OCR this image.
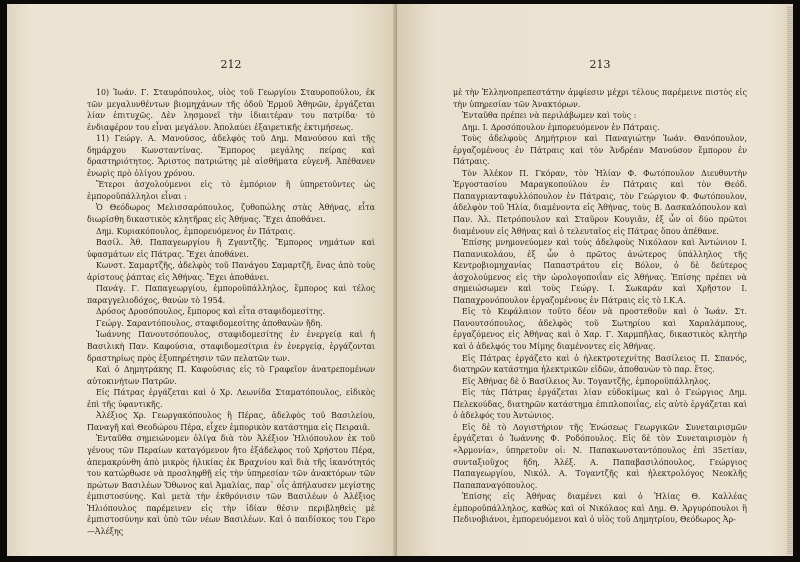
212

10) Ἰωάν. Γ. Σταυρόπουλος, υἱὸς τοῦ Γεωργίου Σταυροπούλου, ἐκ τῶν μεγαλυνθέντων βιομηχάνων τῆς ὁδοῦ Ἑρμοῦ Ἀθηνῶν, ἐργάζεται λίαν ἐπιτυχῶς. Δὲν λησμονεῖ τὴν ἰδιαιτέραν του πατρίδα· τὸ ἐνδιαφέρον του εἶναι μεγάλον. Ἀπολαύει ἐξαιρετικῆς ἐκτιμήσεως.

11) Γεώργ. Α. Μανούσος, ἀδελφὸς τοῦ Δημ. Μανούσου καὶ τῆς δημάρχου Κωνσταντίνας. Ἔμπορος μεγάλης πείρας καὶ δραστηριότητος. Ἄριστος πατριώτης μὲ αἰσθήματα εὐγενῆ. Ἀπέθανεν ἐνωρὶς πρὸ ὀλίγου χρόνου.

Ἕτεροι ἀσχολούμενοι εἰς τὸ ἐμπόριον ἢ ὑπηρετοῦντες ὡς ἐμποροϋπάλληλοι εἶναι :

Ὁ Θεόδωρος Μελισσαρόπουλος, ζυθοπώλης στὰς Ἀθήνας, εἶτα διωρίσθη δικαστικὸς κλητῆρας εἰς Ἀθήνας. Ἔχει ἀποθάνει.

Δημ. Κυριακόπουλος, ἐμπορευόμενος ἐν Πάτραις.

Βασίλ. Ἀθ. Παπαγεωργίου ἢ Ζγαντζῆς. Ἔμπορος νημάτων καὶ ὑφασμάτων εἰς Πάτρας. Ἔχει ἀποθάνει.

Κωνστ. Σαμαρτζῆς, ἀδελφὸς τοῦ Πανάγου Σαμαρτζῆ, ἕνας ἀπὸ τοὺς ἀρίστους ῥάπτας εἰς Ἀθήνας. Ἔχει ἀποθάνει.

Πανάγ. Γ. Παπαγεωργίου, ἐμποροϋπάλληλος, ἔμπορος καὶ τέλος παραγγελιοδόχος, θανὼν τὸ 1954.

Δρόσος Δροσόπουλος, ἔμπορος καὶ εἶτα σταφιδομεσίτης.

Γεώργ. Σαραντόπουλος, σταφιδομεσίτης ἀποθανὼν ἤδη.

Ἰωάννης Πανουτσόπουλος, σταφιδομεσίτης ἐν ἐνεργείᾳ καὶ ἡ Βασιλικὴ Παν. Καφούσια, σταφιδομεσίτρια ἐν ἐνεργείᾳ, ἐργάζονται δραστηρίως πρὸς ἐξυπηρέτησιν τῶν πελατῶν των.

Καὶ ὁ Δημητράκης Π. Καφούσιας εἰς τὸ Γραφεῖον ἀνατρεπομένων αὐτοκινήτων Πατρῶν.

Εἰς Πάτρας ἐργάζεται καὶ ὁ Χρ. Λεωνίδα Σταματόπουλος, εἰδικὸς ἐπὶ τῆς ὑφαντικῆς.

Ἀλέξιος Χρ. Γεωργακόπουλος ἢ Πέρας, ἀδελφὸς τοῦ Βασιλείου, Παναγῆ καὶ Θεοδώρου Πέρα, εἶχεν ἐμπορικὸν κατάστημα εἰς Πειραιᾶ.

Ἐνταῦθα σημειώνομεν ὀλίγα διὰ τὸν Ἀλέξιον Ἠλιόπουλον ἐκ τοῦ γένους τῶν Περαίων καταγόμενον ἤτο ἐξάδελφος τοῦ Χρήστου Πέρα, ἀπεμακρύνθη ἀπὸ μικρὸς ἡλικίας ἐκ Βραχνίου καὶ διὰ τῆς ἱκανότητός του κατώρθωσε νὰ προσληφθῇ εἰς τὴν ὑπηρεσίαν τῶν ἀνακτόρων τῶν πρώτων Βασιλέων Ὄθωνος καὶ Ἀμαλίας, παρ᾽ οἷς ἀπήλαυσεν μεγίστης ἐμπιστοσύνης. Καὶ μετὰ τὴν ἐκθρόνισιν τῶν Βασιλέων ὁ Ἀλέξιος Ἠλιόπουλος παρέμεινεν εἰς τὴν ἰδίαν θέσιν περιβληθεὶς μὲ ἐμπιστοσύνην καὶ ὑπὸ τῶν νέων Βασιλέων. Καὶ ὁ παιδίσκος του Γερο—Ἀλέξης

213

μὲ τὴν Ἑλληνοπρεπεστάτην ἀμφίεσιν μέχρι τέλους παρέμεινε πιστὸς εἰς τὴν ὑπηρεσίαν τῶν Ἀνακτόρων.

Ἐνταῦθα πρέπει νὰ περιλάβωμεν καὶ τοὺς :

Δημ. Ι. Δροσόπουλον ἐμπορευόμενον ἐν Πάτραις.

Τοὺς ἀδελφοὺς Δημήτριον καὶ Παναγιώτην Ἰωάν. Θανόπουλον, ἐργαζομένους ἐν Πάτραις καὶ τὸν Ἀνδρέαν Μανούσον ἔμπορον ἐν Πάτραις.

Τὸν Ἀλέκον Π. Γκόραν, τὸν Ἠλίαν Φ. Φωτόπουλον Διευθυντὴν Ἐργοστασίου Μαραγκοπούλου ἐν Πάτραις καὶ τὸν Θεόδ. Παπαγριανταφυλλόπουλον ἐν Πάτραις, τὸν Γεώργιον Φ. Φωτόπουλον, ἀδελφὸν τοῦ Ἠλία, διαμένοντα εἰς Ἀθήνας, τοὺς Β. Δασκαλόπουλον καὶ Παν. Ἀλ. Πετρόπουλον καὶ Σταῦρον Κουγιᾶν, ἐξ ὧν οἱ δύο πρῶτοι διαμένουν εἰς Ἀθήνας καὶ ὁ τελευταῖος εἰς Πάτρας ὅπου ἀπέθανε.

Ἐπίσης μνημονεύομεν καὶ τοὺς ἀδελφοὺς Νικόλαον καὶ Ἀντώνιον Ι. Παπανικολάου, ἐξ ὧν ὁ πρῶτος ἀνώτερος ὑπάλληλος τῆς Κεντροβιομηχανίας Παπαστράτου εἰς Βόλον, ὁ δὲ δεύτερος ἀσχολούμενος εἰς τὴν ὠρολογοποιΐαν εἰς Ἀθήνας. Ἐπίσης πρέπει νὰ σημειώσωμεν καὶ τοὺς Γεώργ. Ι. Σωκαράν καὶ Χρῆστον Ι. Παπαχρονόπουλον ἐργαζομένους ἐν Πάτραις εἰς τὸ Ι.Κ.Α.

Εἰς τὸ Κεφάλαιον τοῦτο δέον νὰ προστεθοῦν καὶ ὁ Ἰωάν. Στ. Πανουτσόπουλος, ἀδελφὸς τοῦ Σωτηρίου καὶ Χαραλάμπους, ἐργαζόμενος εἰς Ἀθήνας καὶ ὁ Χαρ. Γ. Χαρμπῆλας, δικαστικὸς κλητὴρ καὶ ὁ ἀδελφός του Μίμης διαμένοντες εἰς Ἀθήνας.

Εἰς Πάτρας ἐργάζετο καὶ ὁ ἠλεκτροτεχνίτης Βασίλειος Π. Σπανός, διατηρῶν κατάστημα ἠλεκτρικῶν εἰδῶν, ἀποθανὼν τὸ παρ. ἔτος.

Εἰς Ἀθήνας δὲ ὁ Βασίλειος Ἀν. Τογαντζῆς, ἐμποροϋπάλληλος.

Εἰς τὰς Πάτρας ἐργάζεται λίαν εὐδοκίμως καὶ ὁ Γεώργιος Δημ. Πελεκούδας, διατηρῶν κατάστημα ἐπιπλοποιΐας, εἰς αὐτὸ ἐργάζεται καὶ ὁ ἀδελφός του Ἀντώνιος.

Εἰς δὲ τὸ Λογιστήριον τῆς Ἑνώσεως Γεωργικῶν Συνεταιρισμῶν ἐργάζεται ὁ Ἰωάννης Φ. Ροδόπουλος. Εἰς δὲ τὸν Συνεταιρισμὸν ἡ «Ἁρμονία», ὑπηρετοῦν οἱ: Ν. Παπακωνσταντόπουλος ἐπὶ 35ετίαν, συνταξιοῦχος ἤδη, Ἀλέξ. Α. Παπαβασιλόπουλος, Γεώργιος Παπαγεωργίου, Νικόλ. Α. Τογαντζῆς καὶ ἠλεκτρολόγος Νεοκλῆς Παπαπαναγόπουλος.

Ἐπίσης εἰς Ἀθήνας διαμένει καὶ ὁ Ἠλίας Θ. Καλλέας ἐμποροϋπάλληλος, καθὼς καὶ οἱ Νικόλαος καὶ Δημ. Θ. Ἀργυρόπουλοι ἢ Πεδινοβιάνοι, ἐμπορευόμενοι καὶ ὁ υἱὸς τοῦ Δημητρίου, Θεόδωρος Ἀρ-
